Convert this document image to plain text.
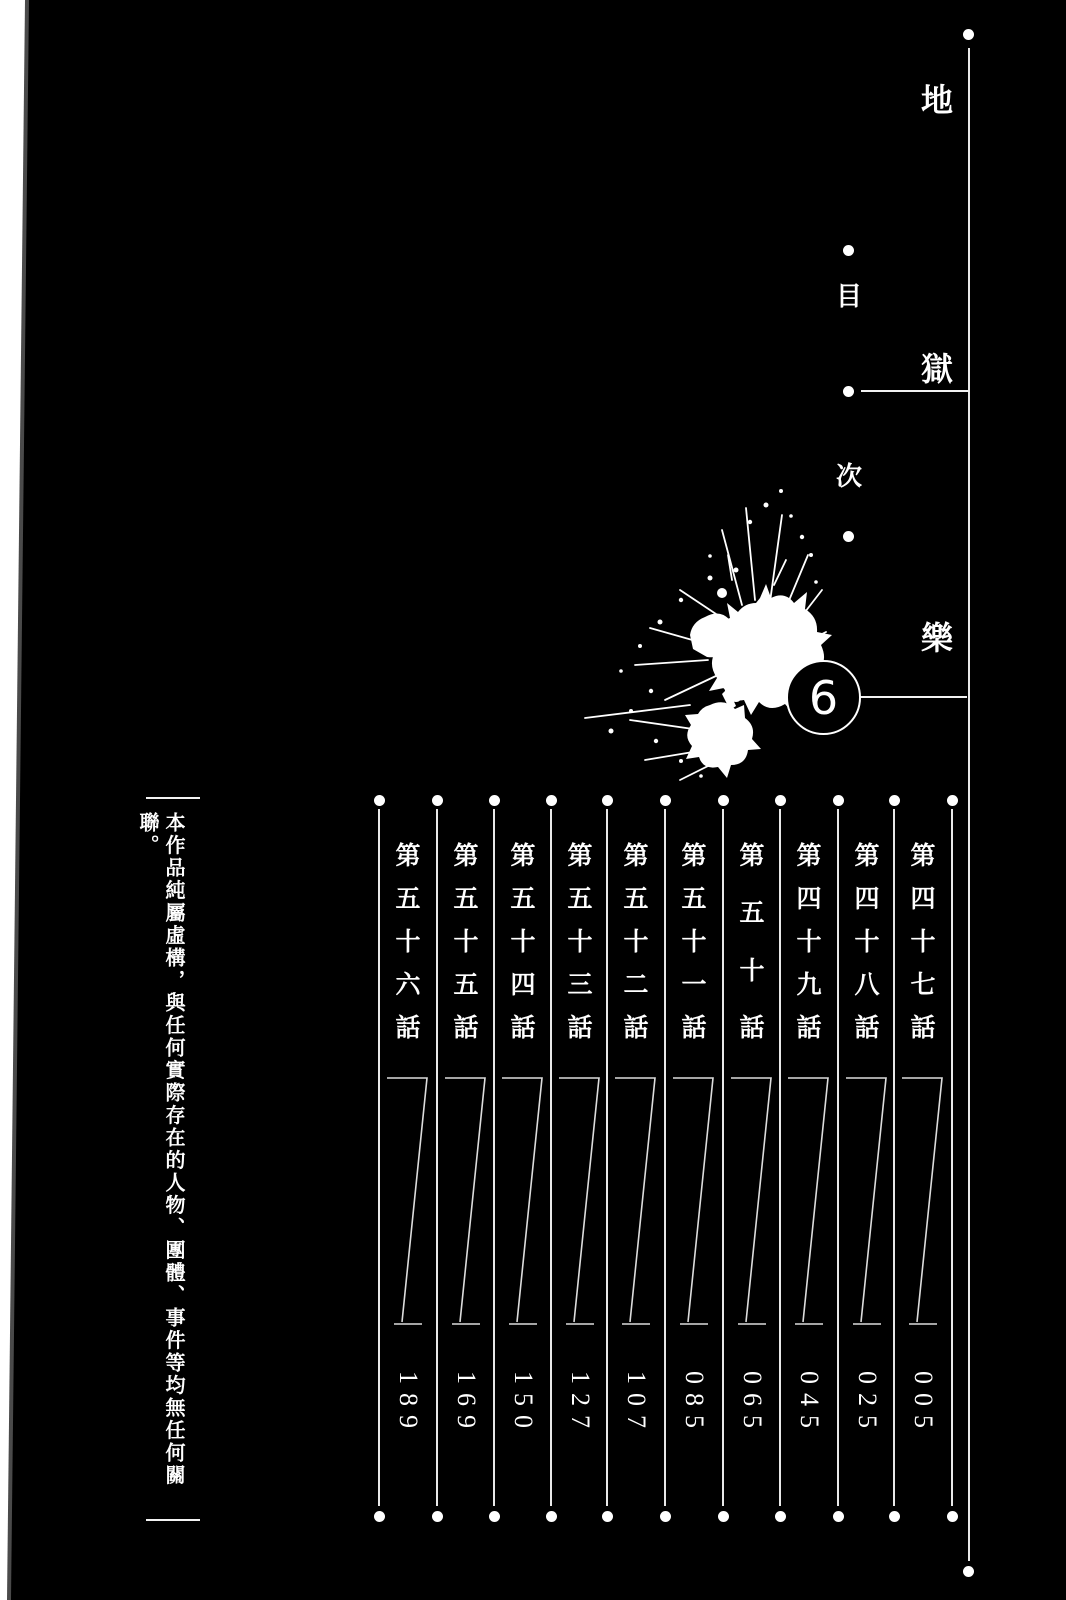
地
獄
樂
目
次
6
第
四
十
七
話
005
第
四
十
八
話
025
第
四
十
九
話
045
第
五
十
話
065
第
五
十
一
話
085
第
五
十
二
話
107
第
五
十
三
話
127
第
五
十
四
話
150
第
五
十
五
話
169
第
五
十
六
話
189
本作品純屬虛構，與任何實際存在的人物、團體、事件等均無任何關聯。
